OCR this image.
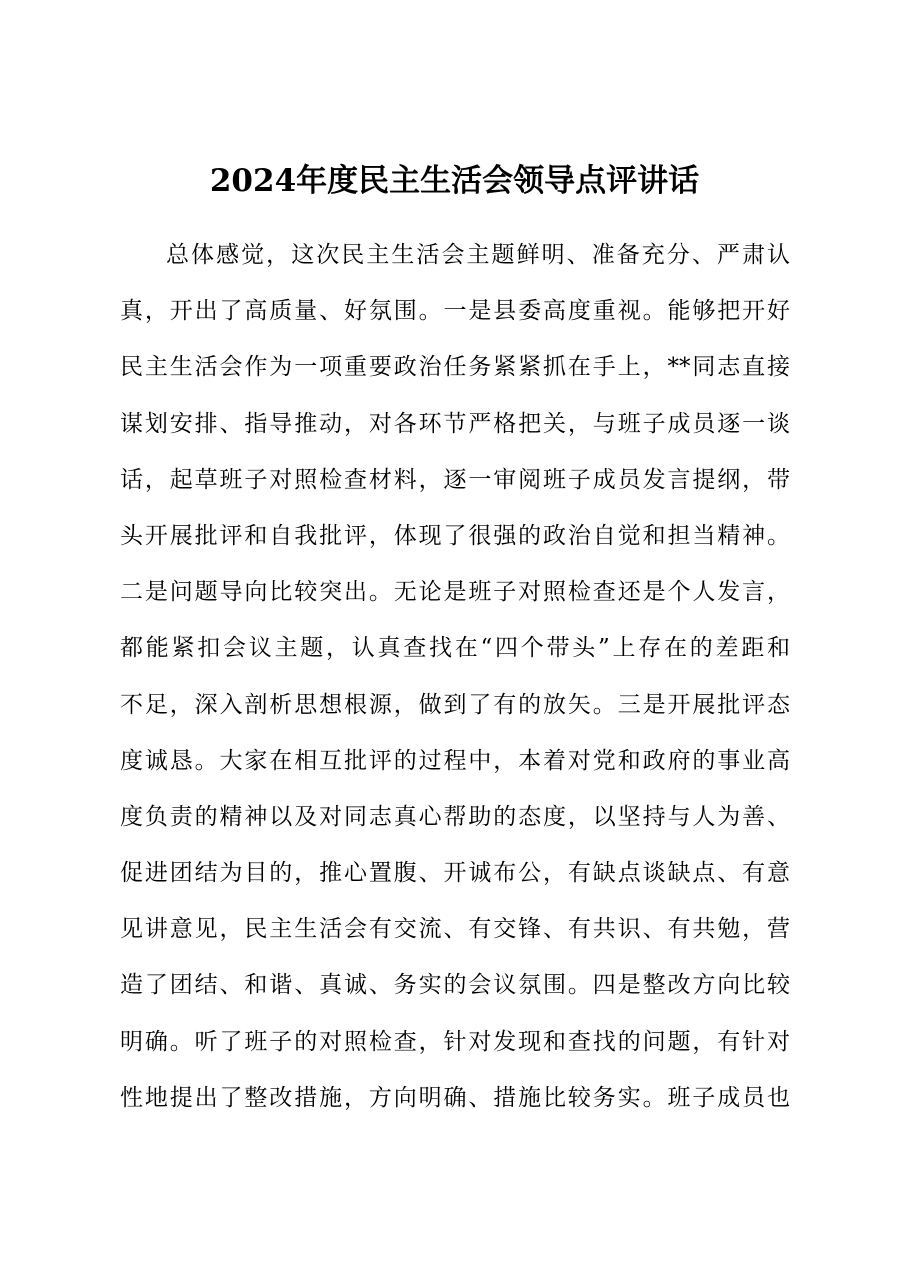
2024年度民主生活会领导点评讲话
总体感觉，这次民主生活会主题鲜明、准备充分、严肃认
真，开出了高质量、好氛围。一是县委高度重视。能够把开好
民主生活会作为一项重要政治任务紧紧抓在手上，**同志直接
谋划安排、指导推动，对各环节严格把关，与班子成员逐一谈
话，起草班子对照检查材料，逐一审阅班子成员发言提纲，带
头开展批评和自我批评，体现了很强的政治自觉和担当精神。
二是问题导向比较突出。无论是班子对照检查还是个人发言，
都能紧扣会议主题，认真查找在“四个带头”上存在的差距和
不足，深入剖析思想根源，做到了有的放矢。三是开展批评态
度诚恳。大家在相互批评的过程中，本着对党和政府的事业高
度负责的精神以及对同志真心帮助的态度，以坚持与人为善、
促进团结为目的，推心置腹、开诚布公，有缺点谈缺点、有意
见讲意见，民主生活会有交流、有交锋、有共识、有共勉，营
造了团结、和谐、真诚、务实的会议氛围。四是整改方向比较
明确。听了班子的对照检查，针对发现和查找的问题，有针对
性地提出了整改措施，方向明确、措施比较务实。班子成员也
